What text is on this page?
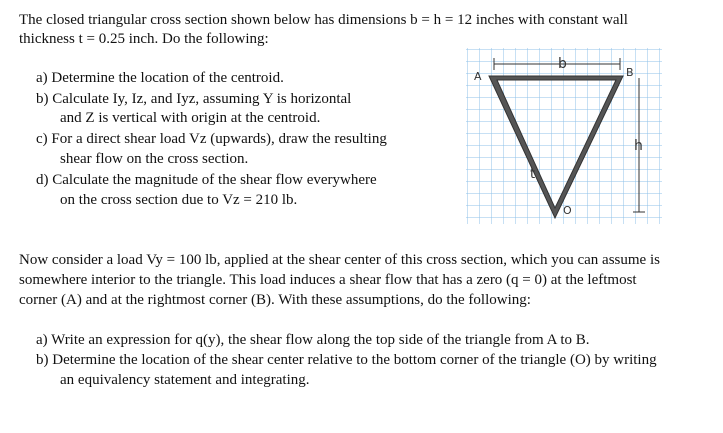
The closed triangular cross section shown below has dimensions b = h = 12 inches with constant wall
thickness t = 0.25 inch. Do the following:
a) Determine the location of the centroid.
b) Calculate Iy, Iz, and Iyz, assuming Y is horizontal
and Z is vertical with origin at the centroid.
c) For a direct shear load Vz (upwards), draw the resulting
shear flow on the cross section.
d) Calculate the magnitude of the shear flow everywhere
on the cross section due to Vz = 210 lb.
b
h
t
A	B
O
Now consider a load Vy = 100 lb, applied at the shear center of this cross section, which you can assume is
somewhere interior to the triangle. This load induces a shear flow that has a zero (q = 0) at the leftmost
corner (A) and at the rightmost corner (B). With these assumptions, do the following:
a) Write an expression for q(y), the shear flow along the top side of the triangle from A to B.
b) Determine the location of the shear center relative to the bottom corner of the triangle (O) by writing
an equivalency statement and integrating.
